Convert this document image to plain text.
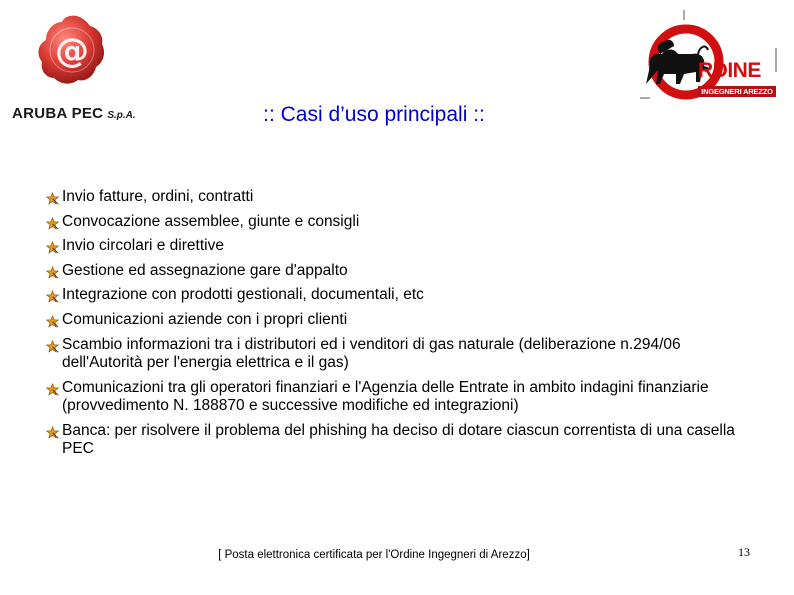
@
ARUBA PEC S.p.A.
RDINE
INGEGNERI AREZZO
:: Casi d’uso principali ::
Invio fatture, ordini, contratti
Convocazione assemblee, giunte e consigli
Invio circolari e direttive
Gestione ed assegnazione gare d'appalto
Integrazione con prodotti gestionali, documentali, etc
Comunicazioni aziende con i propri clienti
Scambio informazioni tra i distributori ed i venditori di gas naturale (deliberazione n.294/06 dell'Autorità per l'energia elettrica e il gas)
Comunicazioni tra gli operatori finanziari e l'Agenzia delle Entrate in ambito indagini finanziarie (provvedimento N. 188870 e successive modifiche ed integrazioni)
Banca: per risolvere il problema del phishing ha deciso di dotare ciascun correntista di una casella PEC
[ Posta elettronica certificata per l'Ordine Ingegneri di Arezzo]	13
